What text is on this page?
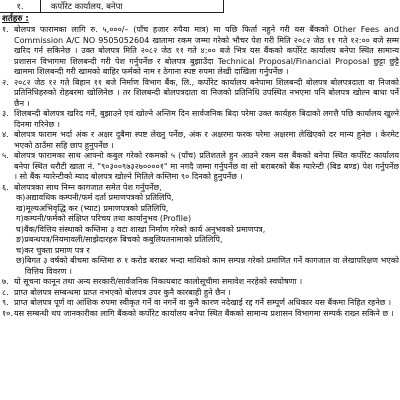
१.	कर्पोरेट कार्यालय, बनेपा
शर्तहरु :
१. बोलपत्र फारामका लागि रु. ५,०००/– (पाँच हजार रुपैया मात्र) मा पछि फिर्ता नहुने गरी यस बैंकको Other Fees and Commission A/C NO 9505052604 खातामा रकम जम्मा गरेको भौचर पेश गरी मिति २०८२ जेठ ११ गते १२:०० बजे सम्म खरिद गर्न सकिनेछ । उक्त बोलपत्र मिति २०८२ जेठ ११ गते ४:०० बजे भित्र यस बैंकको कर्पोरेट कार्यालय बनेपा स्थित सामान्य प्रशासन विभागमा शिलबन्दी गरी पेश गर्नुपर्नेछ र बोलपत्र बुझाउँदा Technical Proposal/Financial Proposal छुट्टा छुट्टै खाममा शिलबन्दी गरी खामको बाहिर फर्मको नाम र ठेगाना स्पष्ट रुपमा लेखी दाखिला गर्नुपर्नेछ ।
२. २०८२ जेठ १२ गते बिहान ११ बजे निर्माण विभाग बैंक, लि., कर्पोरेट कार्यालय बनेपामा शिलबन्दी बोलपत्र बोलपत्रदाता वा निजको प्रतिनिधिहरुको रोहबरमा खोलिनेछ । तर शिलबन्दी बोलपत्रदाता वा निजको प्रतिनिधि उपस्थित नभएमा पनि बोलपत्र खोल्न बाधा पर्ने छैन ।
३. शिलबन्दी बोलपत्र खरिद गर्ने, बुझाउने एवं खोल्ने अन्तिम दिन सार्वजनिक बिदा परेमा उक्त कार्यहरु बिदाको लगत्तै पछि कार्यालय खुल्ने दिनमा गरिनेछ ।
४. बोलपत्र फाराम भर्दा अंक र अक्षर दुबैमा स्पष्ट लेख्नु पर्नेछ, अंक र अक्षरमा फरक परेमा अक्षरमा लेखिएको दर मान्य हुनेछ । केरमेट भएको ठाउँमा सहि छाप हुनुपर्नेछ ।
५. बोलपत्र फारामका साथ आफ्नो कबुल गरेको रकमको ५ (पाँच) प्रतिशतले हुन आउने रकम यस बैंकको बनेपा स्थित कर्पोरेट कार्यालय बनेपा स्थित धरौटी खाता नं. "९०३००९७३२७००००१" मा नगदै जम्मा गर्नुपर्नेछ वा सो बराबरको बैंक ग्यारेन्टी (बिड बण्ड) पेश गर्नुपर्नेछ । सो बैंक ग्यारेन्टीको म्याद बोलपत्र खोल्ने मितिले कम्तिमा ९० दिनको हुनुपर्नेछ ।
६. बोलपत्रका साथ निम्न कागजात समेत पेश गर्नुपर्नेछ,
क) अद्यावधिक कम्पनी/फर्म दर्ता प्रमाणपत्रको प्रतिलिपि,
ख) मूल्यअभिवृद्धि कर (भ्याट) प्रमाणपत्रको प्रतिलिपि,
ग) कम्पनी/फर्मको संक्षिप्त परिचय तथा कार्यानुभव (Profile)
घ) बैंक/वित्तिय संस्थाको कम्तिमा ३ वटा शाखा निर्माण गरेको कार्य अनुभवको प्रमाणपत्र,
ङ) प्रबन्धपत्र/नियमावली/साझेदारहरु बिचको कबुलियतनामाको प्रतिलिपि,
च) कर चुक्ता प्रमाण पत्र र
छ) बिगत ३ वर्षको बीचमा कम्तिमा रु १ करोड बराबर भन्दा माथिको काम सम्पन्न गरेको प्रमाणित गर्ने कागजात वा लेखापरिक्षण भएको वित्तिय विवरण ।
७. यो सूचना कानून तथा अन्य सरकारी/सार्वजनिक निकायबाट कालोसूचीमा समावेश नरहेको स्वघोषणा ।
८. प्राप्त बोलपत्र सम्बन्धमा प्राप्त नभएको बोलपत्र उपर कुनै कारबाही हुने छैन ।
९. प्राप्त बोलपत्र पूर्ण वा आंशिक रुपमा स्वीकृत गर्ने वा नगर्ने वा कुनै कारण नदेखाई रद्द गर्ने सम्पूर्ण अधिकार यस बैंकमा निहित रहनेछ ।
१०. यस सम्बन्धी थप जानकारीका लागि बैंकको कर्पोरेट कार्यालय बनेपा स्थित बैंकको सामान्य प्रशासन विभागमा सम्पर्क राख्न सकिने छ ।
